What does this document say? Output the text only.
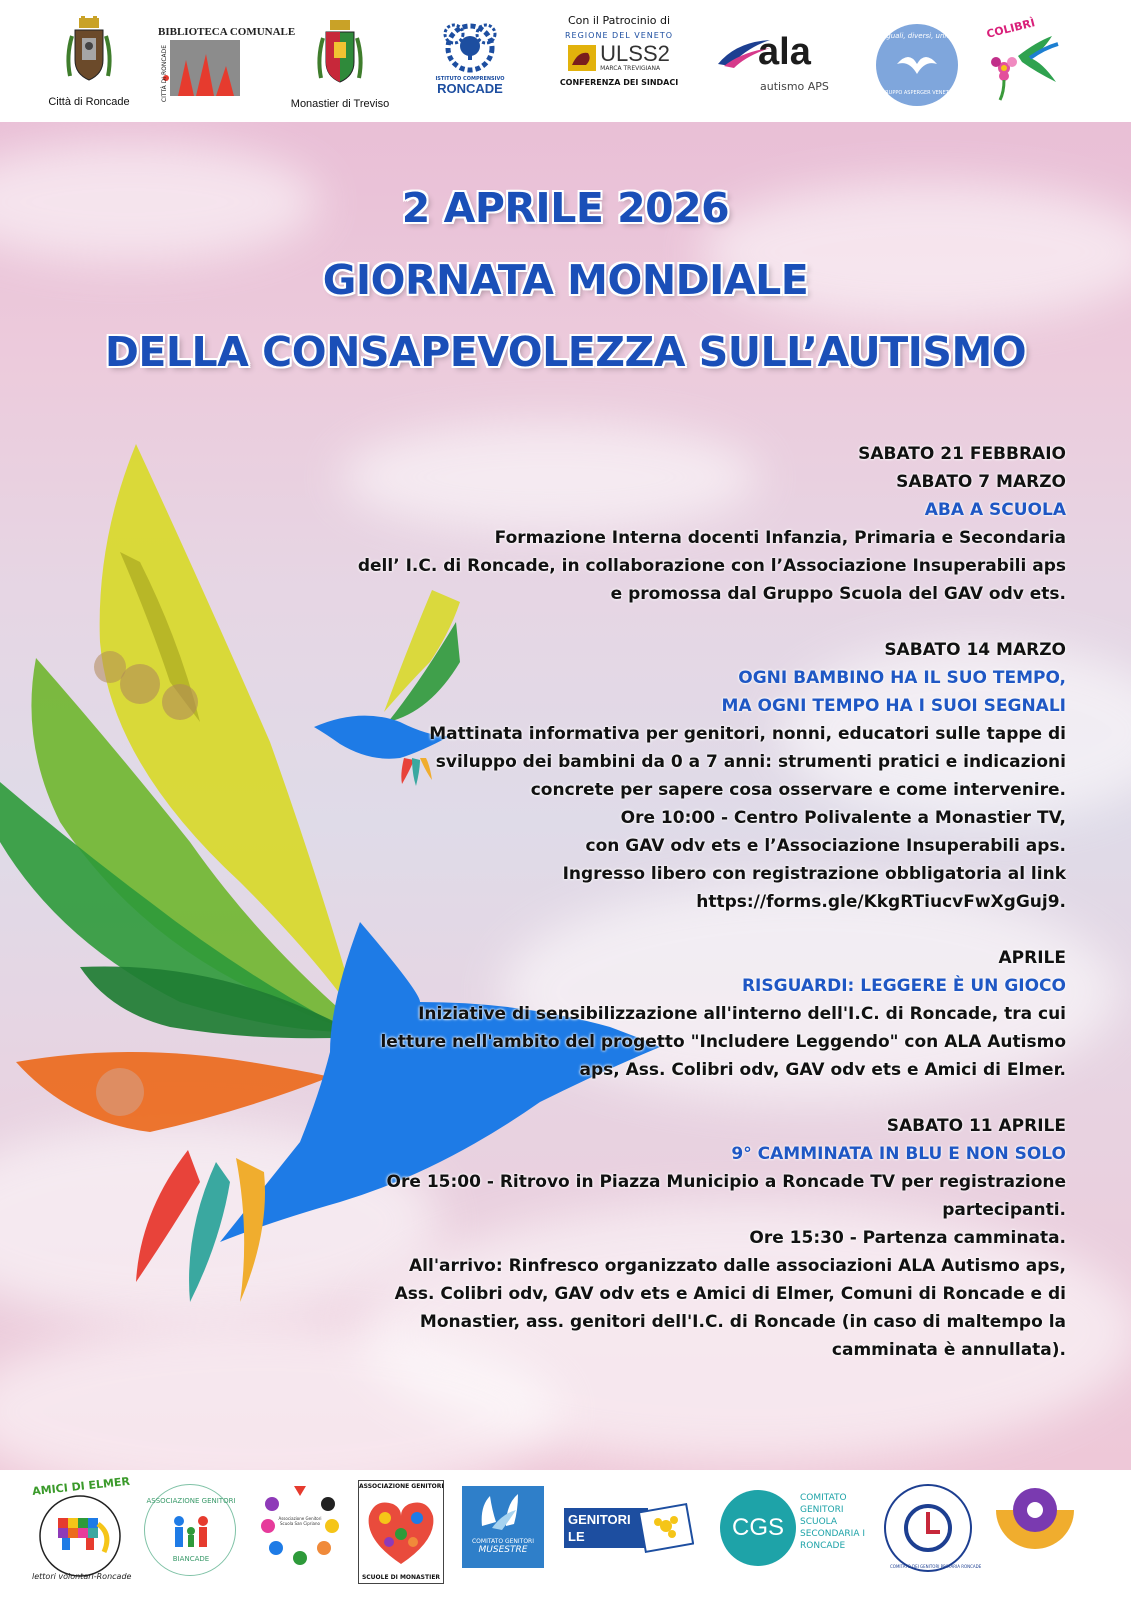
Città di Roncade
BIBLIOTECA COMUNALE
CITTÀ DI RONCADE
Monastier di Treviso
ISTITUTO COMPRENSIVO
RONCADE
Con il Patrocinio di
REGIONE DEL VENETO
ULSS2
MARCA TREVIGIANA
CONFERENZA DEI SINDACI
ala
autismo APS
uguali, diversi, unici
GRUPPO ASPERGER VENETO
COLIBRÌ
2 APRILE 2026
GIORNATA MONDIALE
DELLA CONSAPEVOLEZZA SULL’AUTISMO
SABATO 21 FEBBRAIO
SABATO 7 MARZO
ABA A SCUOLA
Formazione Interna docenti Infanzia, Primaria e Secondaria
dell’ I.C. di Roncade, in collaborazione con l’Associazione Insuperabili aps
e promossa dal Gruppo Scuola del GAV odv ets.
SABATO 14 MARZO
OGNI BAMBINO HA IL SUO TEMPO,
MA OGNI TEMPO HA I SUOI SEGNALI
Mattinata informativa per genitori, nonni, educatori sulle tappe di
sviluppo dei bambini da 0 a 7 anni: strumenti pratici e indicazioni
concrete per sapere cosa osservare e come intervenire.
Ore 10:00 - Centro Polivalente a Monastier TV,
con GAV odv ets e l’Associazione Insuperabili aps.
Ingresso libero con registrazione obbligatoria al link
https://forms.gle/KkgRTiucvFwXgGuj9.
APRILE
RISGUARDI: LEGGERE È UN GIOCO
Iniziative di sensibilizzazione all'interno dell'I.C. di Roncade, tra cui
letture nell'ambito del progetto "Includere Leggendo" con ALA Autismo
aps, Ass. Colibri odv, GAV odv ets e Amici di Elmer.
SABATO 11 APRILE
9° CAMMINATA IN BLU E NON SOLO
Ore 15:00 - Ritrovo in Piazza Municipio a Roncade TV per registrazione
partecipanti.
Ore 15:30 - Partenza camminata.
All'arrivo: Rinfresco organizzato dalle associazioni ALA Autismo aps,
Ass. Colibri odv, GAV odv ets e Amici di Elmer, Comuni di Roncade e di
Monastier, ass. genitori dell'I.C. di Roncade (in caso di maltempo la
camminata è annullata).
AMICI DI ELMER
lettori volontari-Roncade
ASSOCIAZIONE GENITORI
BIANCADE
Associazione Genitori Scuola San Cipriano
ASSOCIAZIONE GENITORI
SCUOLE DI MONASTIER
COMITATO GENITORI
MUSESTRE
GENITORI
LE GINESTRE
CGS
COMITATO
GENITORI
SCUOLA
SECONDARIA I
RONCADE
COMITATO DEI GENITORI PRIMARIA RONCADE
